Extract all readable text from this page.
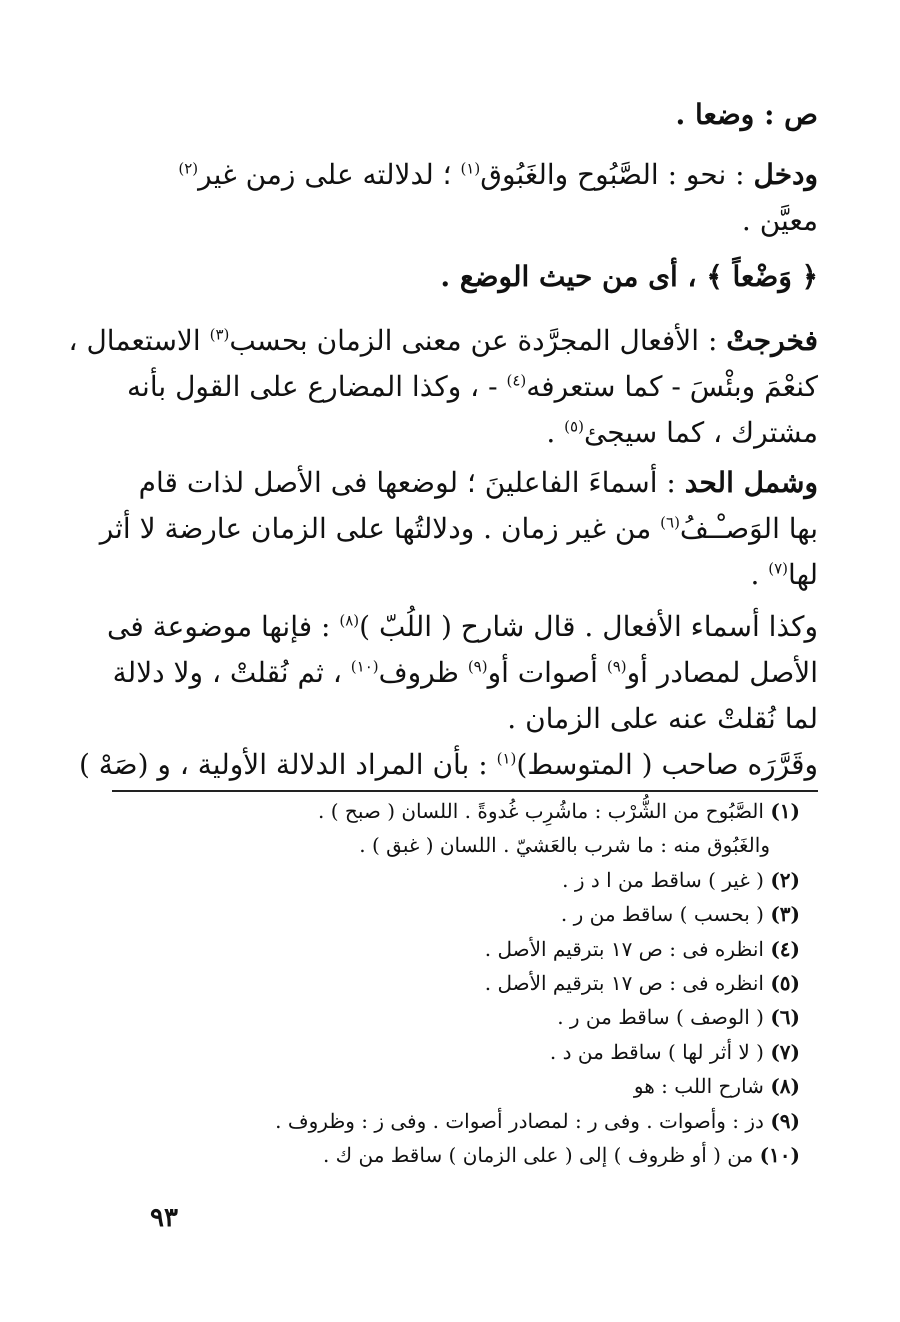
ص : وضعا .
ودخل : نحو : الصَّبُوح والغَبُوق$^{(١)}$ ؛ لدلالته على زمن غير$^{(٢)}$
معيَّن .
﴿ وَضْعاً ﴾ ، أى من حيث الوضع .
فخرجتْ : الأفعال المجرَّدة عن معنى الزمان بحسب$^{(٣)}$ الاستعمال ،
كنعْمَ وبئْسَ - كما ستعرفه$^{(٤)}$ - ، وكذا المضارع على القول بأنه
مشترك ، كما سيجئ$^{(٥)}$ .
وشمل الحد : أسماءَ الفاعلينَ ؛ لوضعها فى الأصل لذات قام
بها الوَصـْـفُ$^{(٦)}$ من غير زمان . ودلالتُها على الزمان عارضة لا أثر
لها$^{(٧)}$ .
وكذا أسماء الأفعال . قال شارح ( اللُبّ )$^{(٨)}$ : فإنها موضوعة فى
الأصل لمصادر أو$^{(٩)}$ أصوات أو$^{(٩)}$ ظروف$^{(١٠)}$ ، ثم نُقلتْ ، ولا دلالة
لما نُقلتْ عنه على الزمان .
وقَرَّرَه صاحب ( المتوسط)$^{(١)}$ : بأن المراد الدلالة الأولية ، و (صَهْ )
(١) الصَّبُوح من الشُّرْب : ماشُرِب غُدوةً . اللسان ( صبح ) .
والغَبُوق منه : ما شرب بالعَشيّ . اللسان ( غبق ) .
(٢) ( غير ) ساقط من ا د ز .
(٣) ( بحسب ) ساقط من ر .
(٤) انظره فى : ص ١٧ بترقيم الأصل .
(٥) انظره فى : ص ١٧ بترقيم الأصل .
(٦) ( الوصف ) ساقط من ر .
(٧) ( لا أثر لها ) ساقط من د .
(٨) شارح اللب : هو
(٩) دز : وأصوات . وفى ر : لمصادر أصوات . وفى ز : وظروف .
(١٠) من ( أو ظروف ) إلى ( على الزمان ) ساقط من ك .
٩٣
